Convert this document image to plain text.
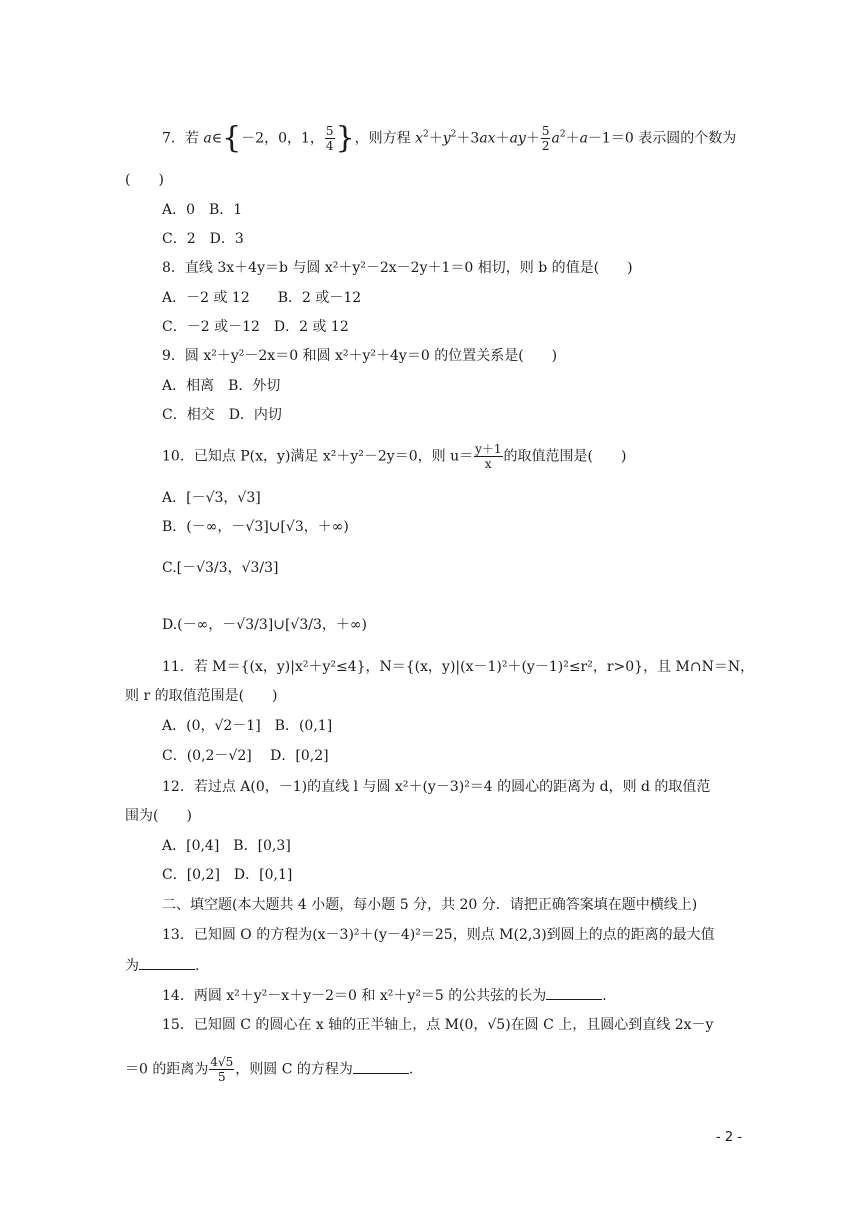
7．若 a∈{－2，0，1， $\frac{5}{4}$ }，则方程 $x^2+y^2+3ax+ay+ \frac{5}{2} a^2+a-1=0$ 表示圆的个数为
(　　)
A．0　B．1
C．2　D．3
8．直线 3x＋4y＝b 与圆 x²＋y²－2x－2y＋1＝0 相切，则 b 的值是(　　)
A．－2 或 12　　B．2 或－12
C．－2 或－12　D．2 或 12
9．圆 x²＋y²－2x＝0 和圆 x²＋y²＋4y＝0 的位置关系是(　　)
A．相离　B．外切
C．相交　D．内切
10．已知点 P(x，y)满足 x²＋y²－2y＝0，则 $u= \frac{y+1}{x}$ 的取值范围是(　　)
A．[－√3，√3]
B．(－∞，－√3]∪[√3，＋∞)
C.[－√3/3，√3/3]
D.(－∞，－√3/3]∪[√3/3，＋∞)
11．若 M＝{(x，y)|x²＋y²≤4}，N＝{(x，y)|(x－1)²＋(y－1)²≤r²，r>0}，且 M∩N＝N，
则 r 的取值范围是(　　)
A．(0，√2－1]　B．(0,1]
C．(0,2－√2]　 D．[0,2]
12．若过点 A(0，－1)的直线 l 与圆 x²＋(y－3)²＝4 的圆心的距离为 d，则 d 的取值范
围为(　　)
A．[0,4]　B．[0,3]
C．[0,2]　D．[0,1]
二、填空题(本大题共 4 小题，每小题 5 分，共 20 分．请把正确答案填在题中横线上)
13．已知圆 O 的方程为(x－3)²＋(y－4)²＝25，则点 M(2,3)到圆上的点的距离的最大值
为	.
14．两圆 x²＋y²－x＋y－2＝0 和 x²＋y²＝5 的公共弦的长为	.
15．已知圆 C 的圆心在 x 轴的正半轴上，点 M(0，√5)在圆 C 上，且圆心到直线 2x－y
＝0 的距离为 $\frac{4√5}{5}$ ，则圆 C 的方程为	.
- 2 -
